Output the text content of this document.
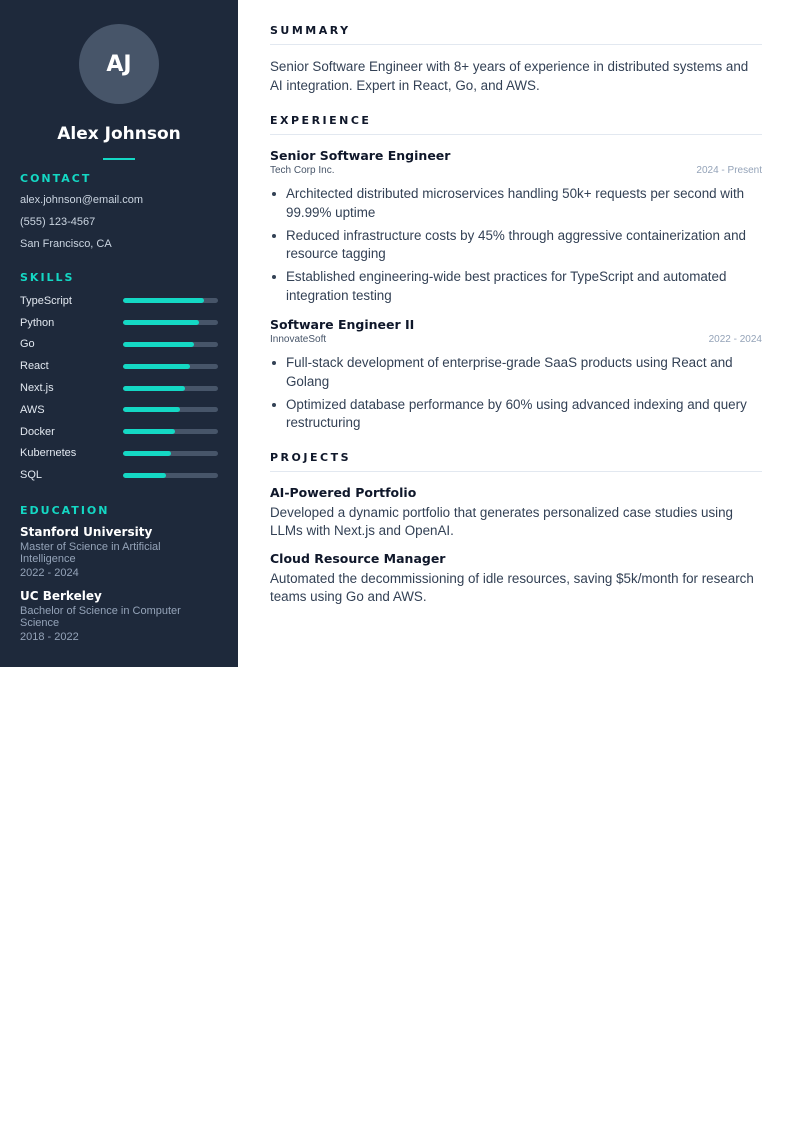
AJ
Alex Johnson
CONTACT
alex.johnson@email.com
(555) 123-4567
San Francisco, CA
SKILLS
TypeScript
Python
Go
React
Next.js
AWS
Docker
Kubernetes
SQL
EDUCATION
Stanford University
Master of Science in Artificial Intelligence
2022 - 2024
UC Berkeley
Bachelor of Science in Computer Science
2018 - 2022
SUMMARY

Senior Software Engineer with 8+ years of experience in distributed systems and AI integration. Expert in React, Go, and AWS.

EXPERIENCE
Senior Software Engineer
Tech Corp Inc.	2024 - Present
Architected distributed microservices handling 50k+ requests per second with 99.99% uptime
Reduced infrastructure costs by 45% through aggressive containerization and resource tagging
Established engineering-wide best practices for TypeScript and automated integration testing
Software Engineer II
InnovateSoft	2022 - 2024
Full-stack development of enterprise-grade SaaS products using React and Golang
Optimized database performance by 60% using advanced indexing and query restructuring
PROJECTS
AI-Powered Portfolio

Developed a dynamic portfolio that generates personalized case studies using LLMs with Next.js and OpenAI.

Cloud Resource Manager

Automated the decommissioning of idle resources, saving $5k/month for research teams using Go and AWS.
